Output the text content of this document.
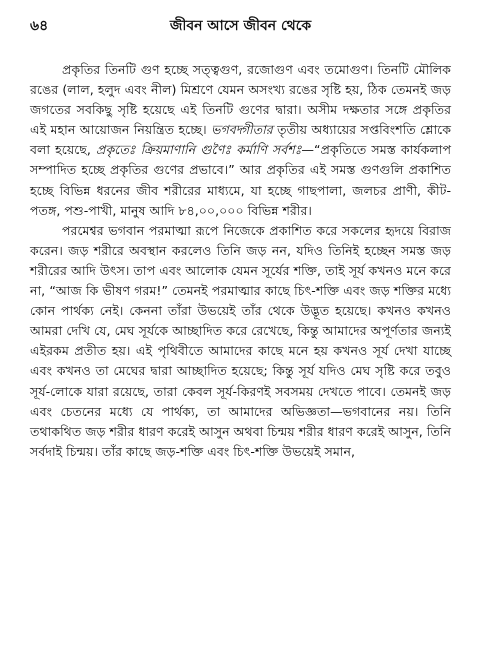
৬৪	জীবন আসে জীবন থেকে

প্রকৃতির তিনটি গুণ হচ্ছে সত্ত্বগুণ, রজোগুণ এবং তমোগুণ। তিনটি মৌলিক রঙের (লাল, হলুদ এবং নীল) মিশ্রণে যেমন অসংখ্য রঙের সৃষ্টি হয়, ঠিক তেমনই জড় জগতের সবকিছু সৃষ্টি হয়েছে এই তিনটি গুণের দ্বারা। অসীম দক্ষতার সঙ্গে প্রকৃতির এই মহান আয়োজন নিয়ন্ত্রিত হচ্ছে। ভগবদ্গীতার তৃতীয় অধ্যায়ের সপ্তবিংশতি শ্লোকে বলা হয়েছে, প্রকৃতেঃ ক্রিয়মাণানি গুণৈঃ কর্মাণি সর্বশঃ—“প্রকৃতিতে সমস্ত কার্যকলাপ সম্পাদিত হচ্ছে প্রকৃতির গুণের প্রভাবে।” আর প্রকৃতির এই সমস্ত গুণগুলি প্রকাশিত হচ্ছে বিভিন্ন ধরনের জীব শরীরের মাধ্যমে, যা হচ্ছে গাছপালা, জলচর প্রাণী, কীট-পতঙ্গ, পশু-পাখী, মানুষ আদি ৮৪,০০,০০০ বিভিন্ন শরীর।

পরমেশ্বর ভগবান পরমাত্মা রূপে নিজেকে প্রকাশিত করে সকলের হৃদয়ে বিরাজ করেন। জড় শরীরে অবস্থান করলেও তিনি জড় নন, যদিও তিনিই হচ্ছেন সমস্ত জড় শরীরের আদি উৎস। তাপ এবং আলোক যেমন সূর্যের শক্তি, তাই সূর্য কখনও মনে করে না, “আজ কি ভীষণ গরম!” তেমনই পরমাত্মার কাছে চিৎ-শক্তি এবং জড় শক্তির মধ্যে কোন পার্থক্য নেই। কেননা তাঁরা উভয়েই তাঁর থেকে উদ্ভূত হয়েছে। কখনও কখনও আমরা দেখি যে, মেঘ সূর্যকে আচ্ছাদিত করে রেখেছে, কিন্তু আমাদের অপূর্ণতার জন্যই এইরকম প্রতীত হয়। এই পৃথিবীতে আমাদের কাছে মনে হয় কখনও সূর্য দেখা যাচ্ছে এবং কখনও তা মেঘের দ্বারা আচ্ছাদিত হয়েছে; কিন্তু সূর্য যদিও মেঘ সৃষ্টি করে তবুও সূর্য-লোকে যারা রয়েছে, তারা কেবল সূর্য-কিরণই সবসময় দেখতে পাবে। তেমনই জড় এবং চেতনের মধ্যে যে পার্থক্য, তা আমাদের অভিজ্ঞতা—ভগবানের নয়। তিনি তথাকথিত জড় শরীর ধারণ করেই আসুন অথবা চিন্ময় শরীর ধারণ করেই আসুন, তিনি সর্বদাই চিন্ময়। তাঁর কাছে জড়-শক্তি এবং চিৎ-শক্তি উভয়েই সমান,
